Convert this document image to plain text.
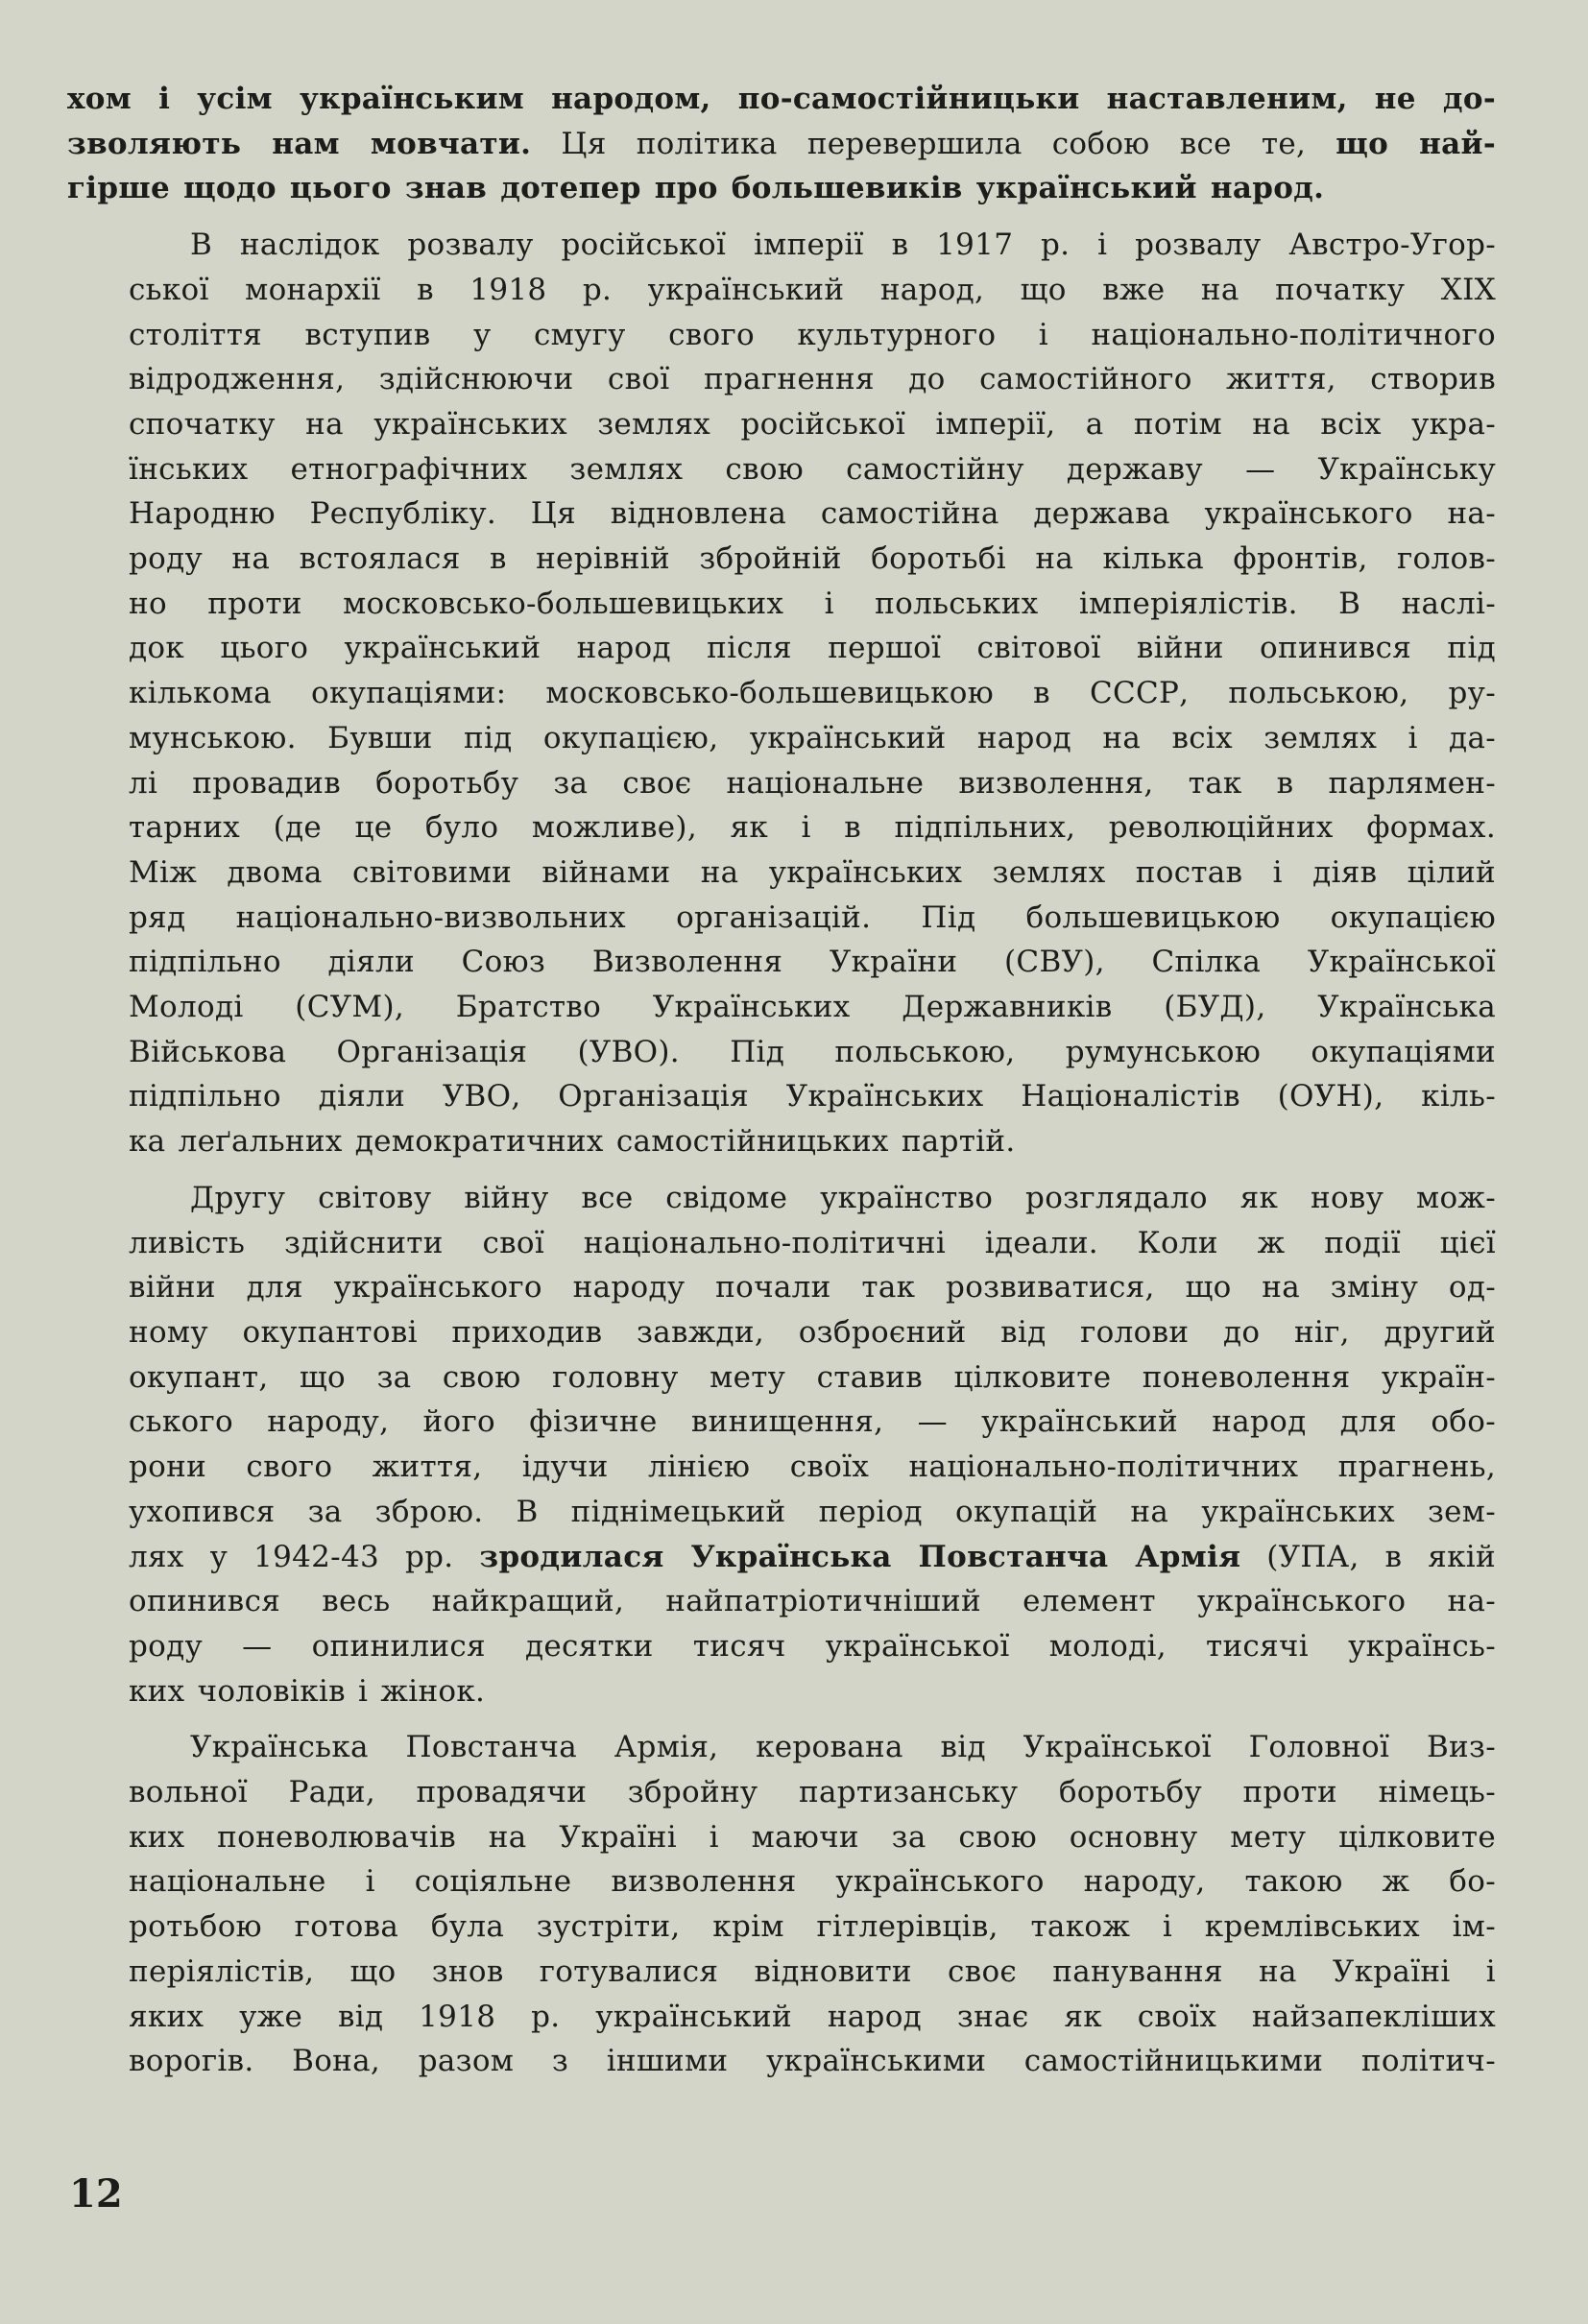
хом і усім українським народом, по-самостійницьки наставленим, не до-
зволяють нам мовчати. Ця політика перевершила собою все те, що най-
гірше щодо цього знав дотепер про большевиків український народ.
В наслідок розвалу російської імперії в 1917 р. і розвалу Австро-Угор-
ської монархії в 1918 р. український народ, що вже на початку XIX
століття вступив у смугу свого культурного і національно-політичного
відродження, здійснюючи свої прагнення до самостійного життя, створив
спочатку на українських землях російської імперії, а потім на всіх укра-
їнських етнографічних землях свою самостійну державу — Українську
Народню Республіку. Ця відновлена самостійна держава українського на-
роду на встоялася в нерівній збройній боротьбі на кілька фронтів, голов-
но проти московсько-большевицьких і польських імперіялістів. В наслі-
док цього український народ після першої світової війни опинився під
кількома окупаціями: московсько-большевицькою в СССР, польською, ру-
мунською. Бувши під окупацією, український народ на всіх землях і да-
лі провадив боротьбу за своє національне визволення, так в парлямен-
тарних (де це було можливе), як і в підпільних, революційних формах.
Між двома світовими війнами на українських землях постав і діяв цілий
ряд національно-визвольних організацій. Під большевицькою окупацією
підпільно діяли Союз Визволення України (СВУ), Спілка Української
Молоді (СУМ), Братство Українських Державників (БУД), Українська
Військова Організація (УВО). Під польською, румунською окупаціями
підпільно діяли УВО, Організація Українських Націоналістів (ОУН), кіль-
ка леґальних демократичних самостійницьких партій.
Другу світову війну все свідоме українство розглядало як нову мож-
ливість здійснити свої національно-політичні ідеали. Коли ж події цієї
війни для українського народу почали так розвиватися, що на зміну од-
ному окупантові приходив завжди, озброєний від голови до ніг, другий
окупант, що за свою головну мету ставив цілковите поневолення україн-
ського народу, його фізичне винищення, — український народ для обо-
рони свого життя, ідучи лінією своїх національно-політичних прагнень,
ухопився за зброю. В піднімецький період окупацій на українських зем-
лях у 1942-43 рр. зродилася Українська Повстанча Армія (УПА, в якій
опинився весь найкращий, найпатріотичніший елемент українського на-
роду — опинилися десятки тисяч української молоді, тисячі українсь-
ких чоловіків і жінок.
Українська Повстанча Армія, керована від Української Головної Виз-
вольної Ради, провадячи збройну партизанську боротьбу проти німець-
ких поневолювачів на Україні і маючи за свою основну мету цілковите
національне і соціяльне визволення українського народу, такою ж бо-
ротьбою готова була зустріти, крім гітлерівців, також і кремлівських ім-
періялістів, що знов готувалися відновити своє панування на Україні і
яких уже від 1918 р. український народ знає як своїх найзапекліших
ворогів. Вона, разом з іншими українськими самостійницькими політич-
12
